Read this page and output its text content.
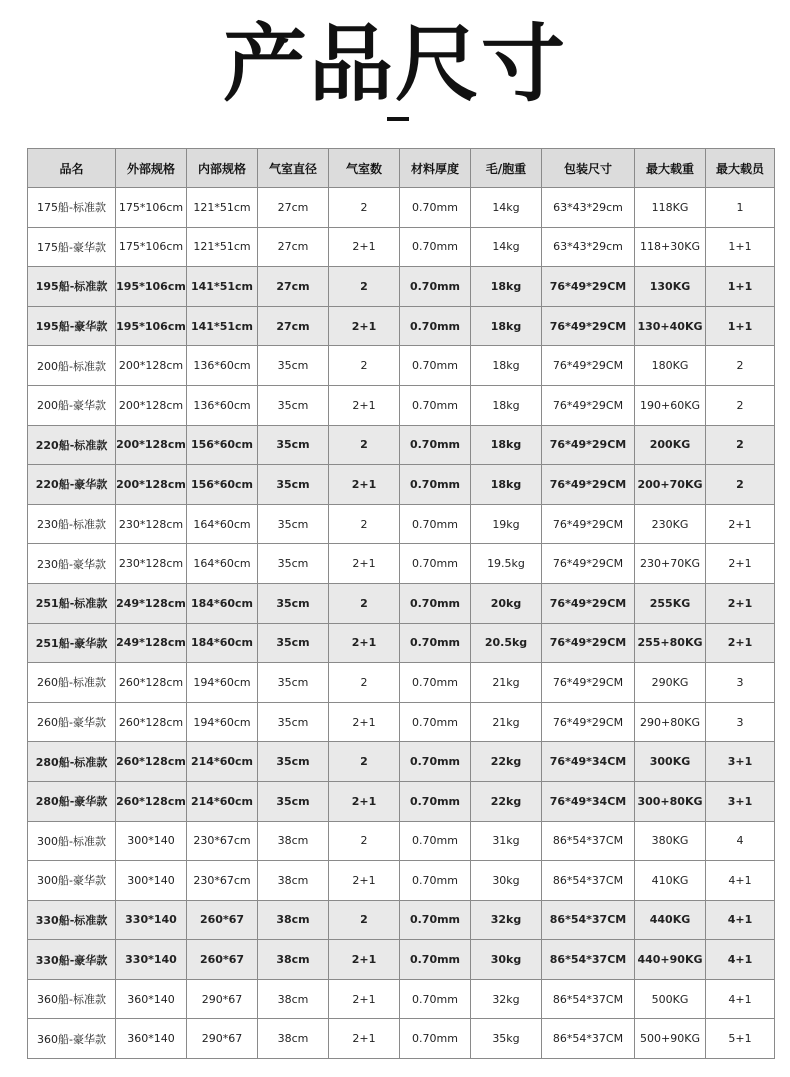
产品尺寸
品名	外部规格	内部规格	气室直径	气室数	材料厚度	毛/胞重	包装尺寸	最大载重	最大载员
175船-标准款	175*106cm	121*51cm	27cm	2	0.70mm	14kg	63*43*29cm	118KG	1
175船-豪华款	175*106cm	121*51cm	27cm	2+1	0.70mm	14kg	63*43*29cm	118+30KG	1+1
195船-标准款	195*106cm	141*51cm	27cm	2	0.70mm	18kg	76*49*29CM	130KG	1+1
195船-豪华款	195*106cm	141*51cm	27cm	2+1	0.70mm	18kg	76*49*29CM	130+40KG	1+1
200船-标准款	200*128cm	136*60cm	35cm	2	0.70mm	18kg	76*49*29CM	180KG	2
200船-豪华款	200*128cm	136*60cm	35cm	2+1	0.70mm	18kg	76*49*29CM	190+60KG	2
220船-标准款	200*128cm	156*60cm	35cm	2	0.70mm	18kg	76*49*29CM	200KG	2
220船-豪华款	200*128cm	156*60cm	35cm	2+1	0.70mm	18kg	76*49*29CM	200+70KG	2
230船-标准款	230*128cm	164*60cm	35cm	2	0.70mm	19kg	76*49*29CM	230KG	2+1
230船-豪华款	230*128cm	164*60cm	35cm	2+1	0.70mm	19.5kg	76*49*29CM	230+70KG	2+1
251船-标准款	249*128cm	184*60cm	35cm	2	0.70mm	20kg	76*49*29CM	255KG	2+1
251船-豪华款	249*128cm	184*60cm	35cm	2+1	0.70mm	20.5kg	76*49*29CM	255+80KG	2+1
260船-标准款	260*128cm	194*60cm	35cm	2	0.70mm	21kg	76*49*29CM	290KG	3
260船-豪华款	260*128cm	194*60cm	35cm	2+1	0.70mm	21kg	76*49*29CM	290+80KG	3
280船-标准款	260*128cm	214*60cm	35cm	2	0.70mm	22kg	76*49*34CM	300KG	3+1
280船-豪华款	260*128cm	214*60cm	35cm	2+1	0.70mm	22kg	76*49*34CM	300+80KG	3+1
300船-标准款	300*140	230*67cm	38cm	2	0.70mm	31kg	86*54*37CM	380KG	4
300船-豪华款	300*140	230*67cm	38cm	2+1	0.70mm	30kg	86*54*37CM	410KG	4+1
330船-标准款	330*140	260*67	38cm	2	0.70mm	32kg	86*54*37CM	440KG	4+1
330船-豪华款	330*140	260*67	38cm	2+1	0.70mm	30kg	86*54*37CM	440+90KG	4+1
360船-标准款	360*140	290*67	38cm	2+1	0.70mm	32kg	86*54*37CM	500KG	4+1
360船-豪华款	360*140	290*67	38cm	2+1	0.70mm	35kg	86*54*37CM	500+90KG	5+1
